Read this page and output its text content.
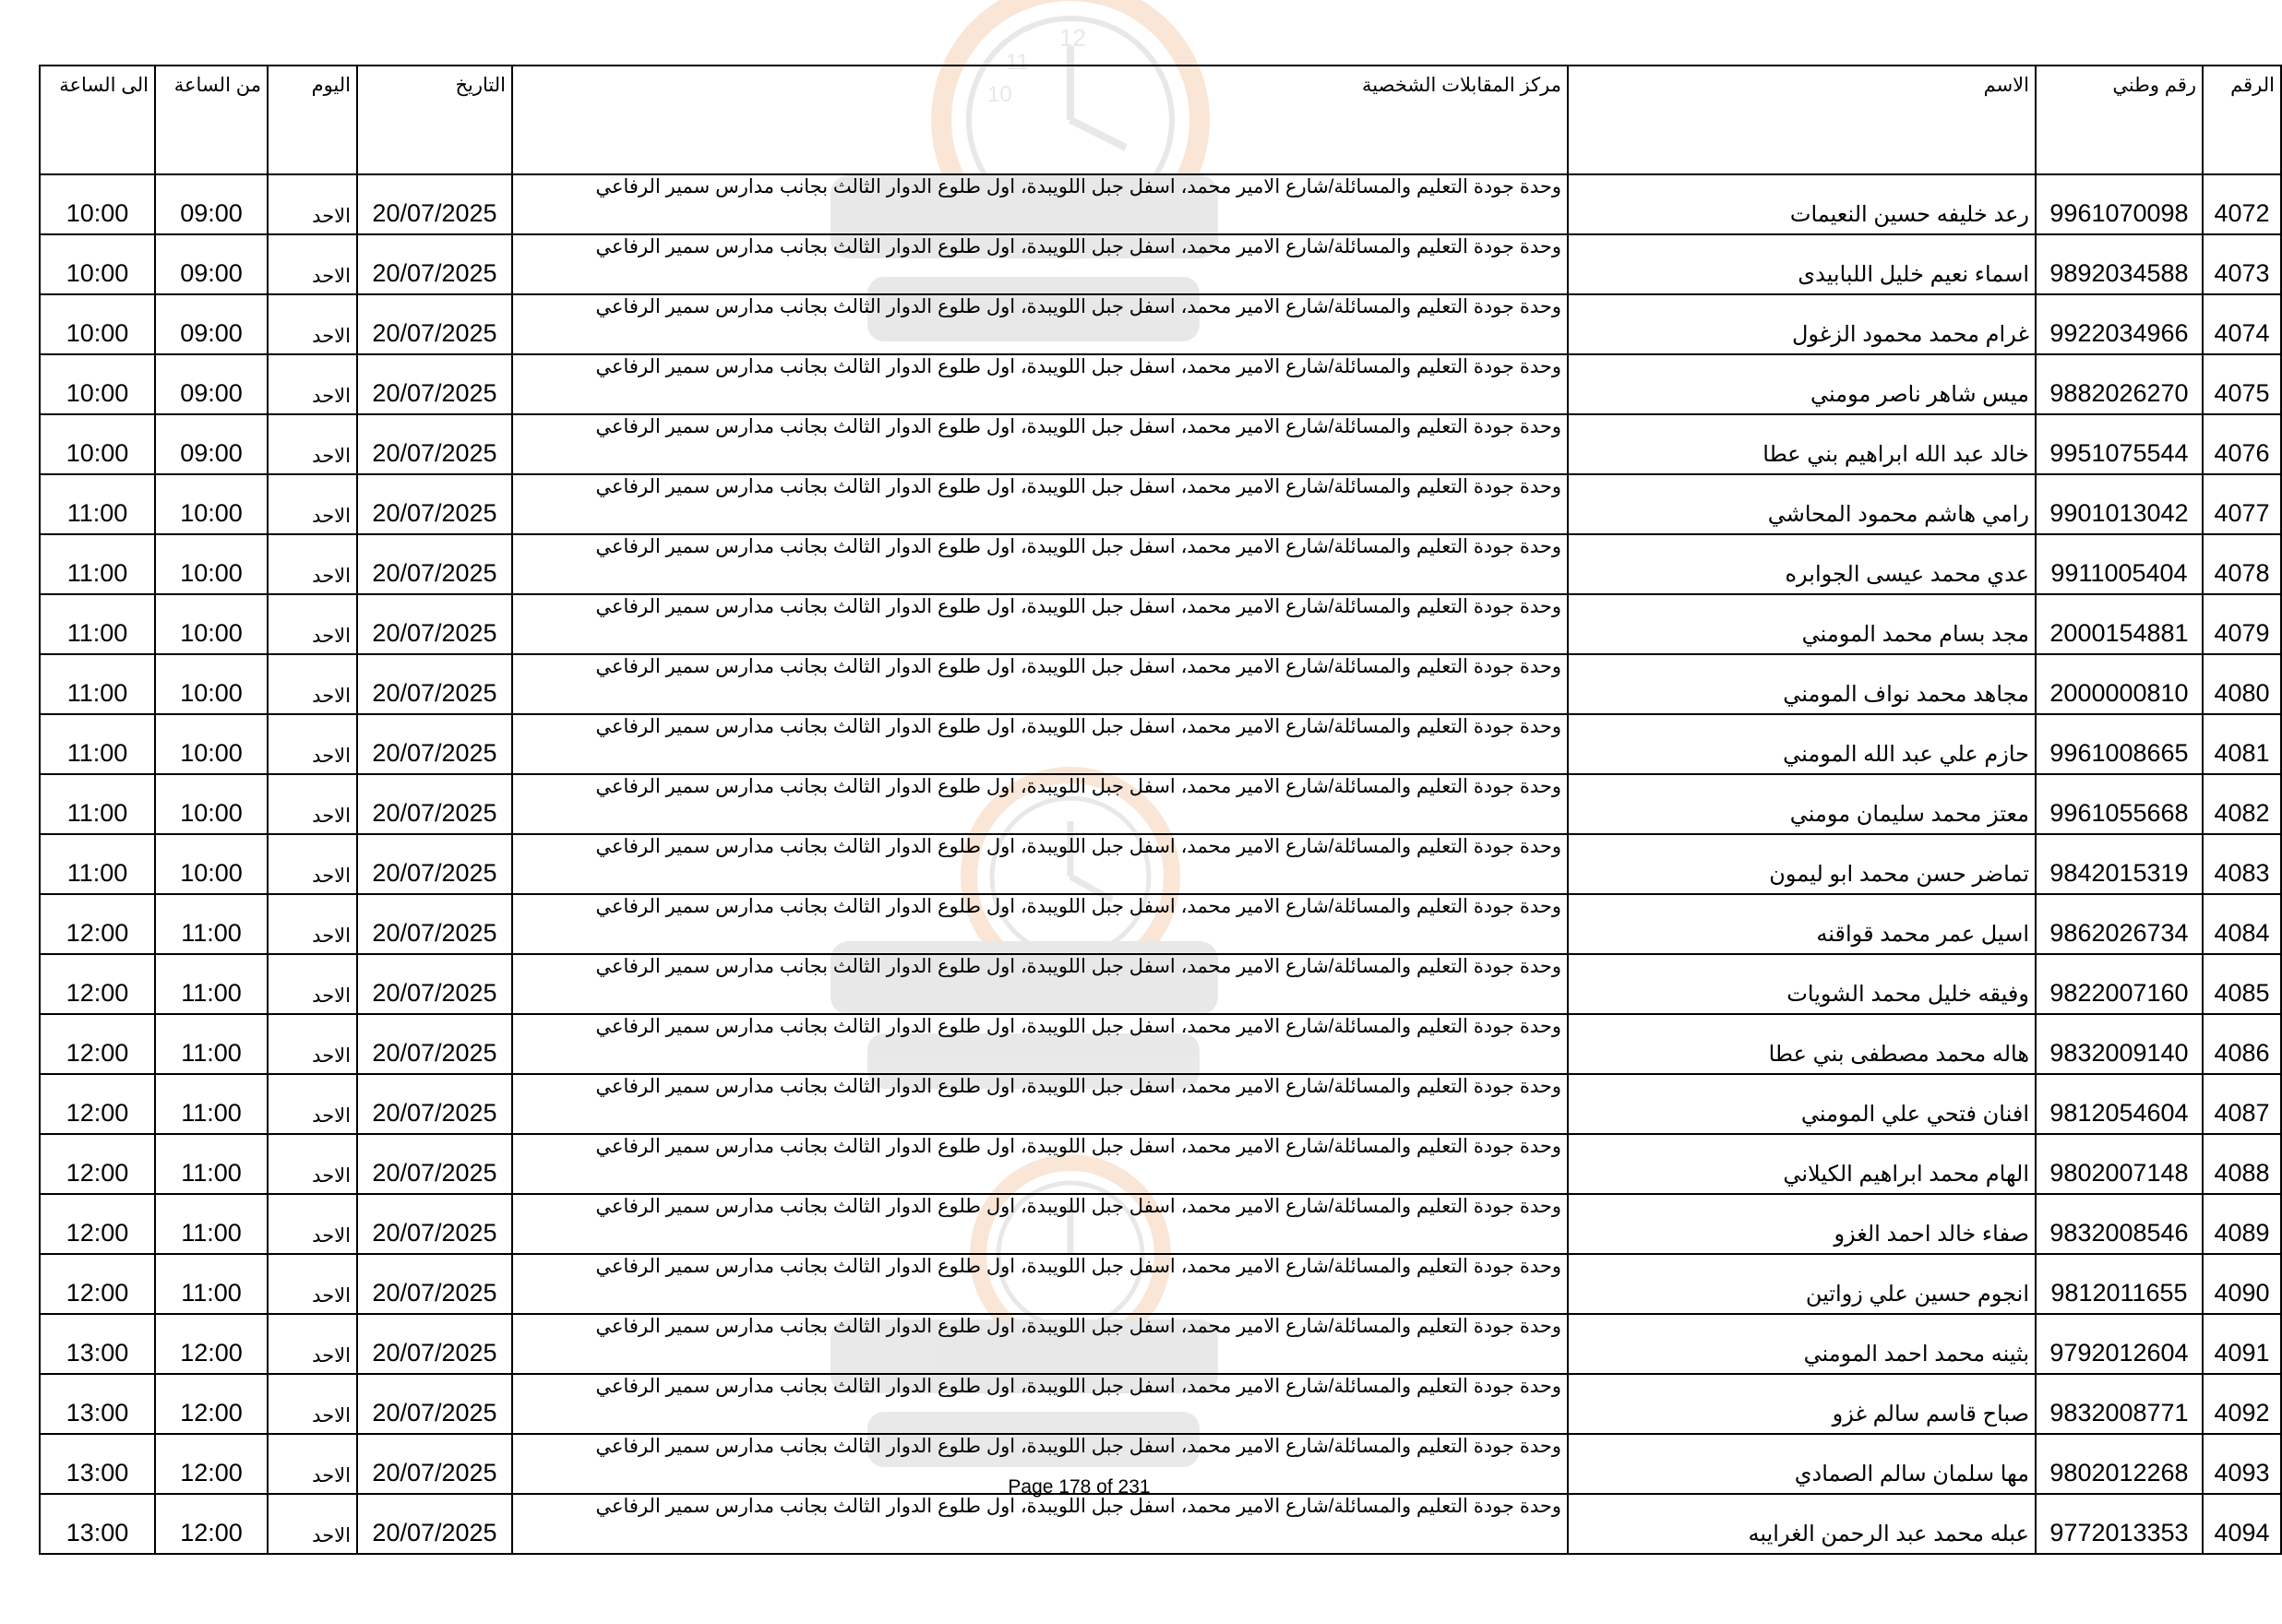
12
11
10	الرقم	رقم وطني	الاسم	مركز المقابلات الشخصية	التاريخ	اليوم	من الساعة	الى الساعة
4072	9961070098	رعد خليفه حسين النعيمات	وحدة جودة التعليم والمسائلة/شارع الامير محمد، اسفل جبل اللويبدة، اول طلوع الدوار الثالث بجانب مدارس سمير الرفاعي	20/07/2025	الاحد	09:00	10:00
4073	9892034588	اسماء نعيم خليل اللبابيدى	وحدة جودة التعليم والمسائلة/شارع الامير محمد، اسفل جبل اللويبدة، اول طلوع الدوار الثالث بجانب مدارس سمير الرفاعي	20/07/2025	الاحد	09:00	10:00
4074	9922034966	غرام محمد محمود الزغول	وحدة جودة التعليم والمسائلة/شارع الامير محمد، اسفل جبل اللويبدة، اول طلوع الدوار الثالث بجانب مدارس سمير الرفاعي	20/07/2025	الاحد	09:00	10:00
4075	9882026270	ميس شاهر ناصر مومني	وحدة جودة التعليم والمسائلة/شارع الامير محمد، اسفل جبل اللويبدة، اول طلوع الدوار الثالث بجانب مدارس سمير الرفاعي	20/07/2025	الاحد	09:00	10:00
4076	9951075544	خالد عبد الله ابراهيم بني عطا	وحدة جودة التعليم والمسائلة/شارع الامير محمد، اسفل جبل اللويبدة، اول طلوع الدوار الثالث بجانب مدارس سمير الرفاعي	20/07/2025	الاحد	09:00	10:00
4077	9901013042	رامي هاشم محمود المحاشي	وحدة جودة التعليم والمسائلة/شارع الامير محمد، اسفل جبل اللويبدة، اول طلوع الدوار الثالث بجانب مدارس سمير الرفاعي	20/07/2025	الاحد	10:00	11:00
4078	9911005404	عدي محمد عيسى الجوابره	وحدة جودة التعليم والمسائلة/شارع الامير محمد، اسفل جبل اللويبدة، اول طلوع الدوار الثالث بجانب مدارس سمير الرفاعي	20/07/2025	الاحد	10:00	11:00
4079	2000154881	مجد بسام محمد المومني	وحدة جودة التعليم والمسائلة/شارع الامير محمد، اسفل جبل اللويبدة، اول طلوع الدوار الثالث بجانب مدارس سمير الرفاعي	20/07/2025	الاحد	10:00	11:00
4080	2000000810	مجاهد محمد نواف المومني	وحدة جودة التعليم والمسائلة/شارع الامير محمد، اسفل جبل اللويبدة، اول طلوع الدوار الثالث بجانب مدارس سمير الرفاعي	20/07/2025	الاحد	10:00	11:00
4081	9961008665	حازم علي عبد الله المومني	وحدة جودة التعليم والمسائلة/شارع الامير محمد، اسفل جبل اللويبدة، اول طلوع الدوار الثالث بجانب مدارس سمير الرفاعي	20/07/2025	الاحد	10:00	11:00
4082	9961055668	معتز محمد سليمان مومني	وحدة جودة التعليم والمسائلة/شارع الامير محمد، اسفل جبل اللويبدة، اول طلوع الدوار الثالث بجانب مدارس سمير الرفاعي	20/07/2025	الاحد	10:00	11:00
4083	9842015319	تماضر حسن محمد ابو ليمون	وحدة جودة التعليم والمسائلة/شارع الامير محمد، اسفل جبل اللويبدة، اول طلوع الدوار الثالث بجانب مدارس سمير الرفاعي	20/07/2025	الاحد	10:00	11:00
4084	9862026734	اسيل عمر محمد قواقنه	وحدة جودة التعليم والمسائلة/شارع الامير محمد، اسفل جبل اللويبدة، اول طلوع الدوار الثالث بجانب مدارس سمير الرفاعي	20/07/2025	الاحد	11:00	12:00
4085	9822007160	وفيقه خليل محمد الشويات	وحدة جودة التعليم والمسائلة/شارع الامير محمد، اسفل جبل اللويبدة، اول طلوع الدوار الثالث بجانب مدارس سمير الرفاعي	20/07/2025	الاحد	11:00	12:00
4086	9832009140	هاله محمد مصطفى بني عطا	وحدة جودة التعليم والمسائلة/شارع الامير محمد، اسفل جبل اللويبدة، اول طلوع الدوار الثالث بجانب مدارس سمير الرفاعي	20/07/2025	الاحد	11:00	12:00
4087	9812054604	افنان فتحي علي المومني	وحدة جودة التعليم والمسائلة/شارع الامير محمد، اسفل جبل اللويبدة، اول طلوع الدوار الثالث بجانب مدارس سمير الرفاعي	20/07/2025	الاحد	11:00	12:00
4088	9802007148	الهام محمد ابراهيم الكيلاني	وحدة جودة التعليم والمسائلة/شارع الامير محمد، اسفل جبل اللويبدة، اول طلوع الدوار الثالث بجانب مدارس سمير الرفاعي	20/07/2025	الاحد	11:00	12:00
4089	9832008546	صفاء خالد احمد الغزو	وحدة جودة التعليم والمسائلة/شارع الامير محمد، اسفل جبل اللويبدة، اول طلوع الدوار الثالث بجانب مدارس سمير الرفاعي	20/07/2025	الاحد	11:00	12:00
4090	9812011655	انجوم حسين علي زواتين	وحدة جودة التعليم والمسائلة/شارع الامير محمد، اسفل جبل اللويبدة، اول طلوع الدوار الثالث بجانب مدارس سمير الرفاعي	20/07/2025	الاحد	11:00	12:00
4091	9792012604	بثينه محمد احمد المومني	وحدة جودة التعليم والمسائلة/شارع الامير محمد، اسفل جبل اللويبدة، اول طلوع الدوار الثالث بجانب مدارس سمير الرفاعي	20/07/2025	الاحد	12:00	13:00
4092	9832008771	صباح قاسم سالم غزو	وحدة جودة التعليم والمسائلة/شارع الامير محمد، اسفل جبل اللويبدة، اول طلوع الدوار الثالث بجانب مدارس سمير الرفاعي	20/07/2025	الاحد	12:00	13:00
4093	9802012268	مها سلمان سالم الصمادي	وحدة جودة التعليم والمسائلة/شارع الامير محمد، اسفل جبل اللويبدة، اول طلوع الدوار الثالث بجانب مدارس سمير الرفاعي	20/07/2025	الاحد	12:00	13:00
4094	9772013353	عبله محمد عبد الرحمن الغرايبه	وحدة جودة التعليم والمسائلة/شارع الامير محمد، اسفل جبل اللويبدة، اول طلوع الدوار الثالث بجانب مدارس سمير الرفاعي	20/07/2025	الاحد	12:00	13:00
Page 178 of 231
